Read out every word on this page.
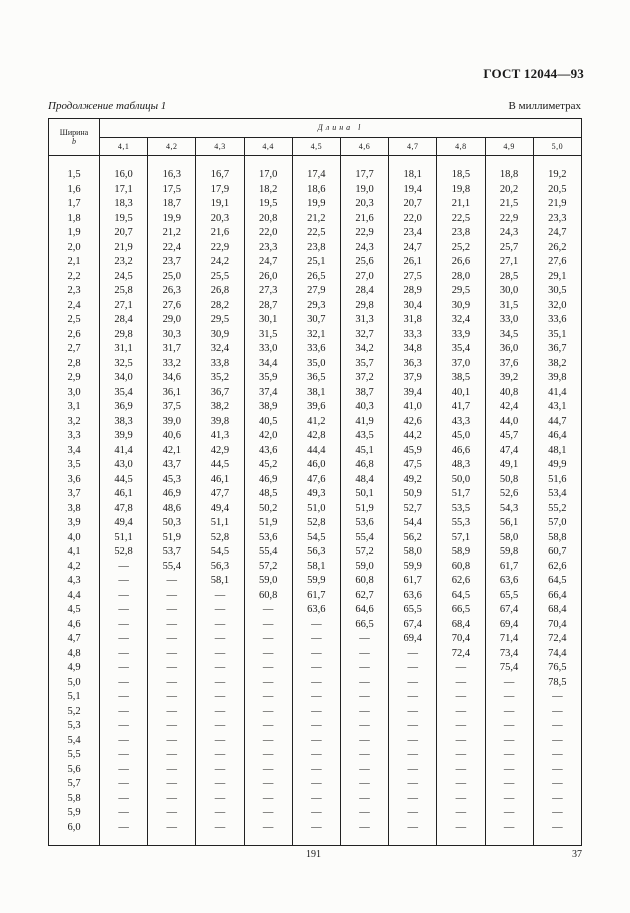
ГОСТ 12044—93
Продолжение таблицы 1	В миллиметрах
Ширина
b	Длина l									
	4,1	4,2	4,3	4,4	4,5	4,6	4,7	4,8	4,9	5,0

1,5	16,0	16,3	16,7	17,0	17,4	17,7	18,1	18,5	18,8	19,2
1,6	17,1	17,5	17,9	18,2	18,6	19,0	19,4	19,8	20,2	20,5
1,7	18,3	18,7	19,1	19,5	19,9	20,3	20,7	21,1	21,5	21,9
1,8	19,5	19,9	20,3	20,8	21,2	21,6	22,0	22,5	22,9	23,3
1,9	20,7	21,2	21,6	22,0	22,5	22,9	23,4	23,8	24,3	24,7
2,0	21,9	22,4	22,9	23,3	23,8	24,3	24,7	25,2	25,7	26,2
2,1	23,2	23,7	24,2	24,7	25,1	25,6	26,1	26,6	27,1	27,6
2,2	24,5	25,0	25,5	26,0	26,5	27,0	27,5	28,0	28,5	29,1
2,3	25,8	26,3	26,8	27,3	27,9	28,4	28,9	29,5	30,0	30,5
2,4	27,1	27,6	28,2	28,7	29,3	29,8	30,4	30,9	31,5	32,0
2,5	28,4	29,0	29,5	30,1	30,7	31,3	31,8	32,4	33,0	33,6
2,6	29,8	30,3	30,9	31,5	32,1	32,7	33,3	33,9	34,5	35,1
2,7	31,1	31,7	32,4	33,0	33,6	34,2	34,8	35,4	36,0	36,7
2,8	32,5	33,2	33,8	34,4	35,0	35,7	36,3	37,0	37,6	38,2
2,9	34,0	34,6	35,2	35,9	36,5	37,2	37,9	38,5	39,2	39,8
3,0	35,4	36,1	36,7	37,4	38,1	38,7	39,4	40,1	40,8	41,4
3,1	36,9	37,5	38,2	38,9	39,6	40,3	41,0	41,7	42,4	43,1
3,2	38,3	39,0	39,8	40,5	41,2	41,9	42,6	43,3	44,0	44,7
3,3	39,9	40,6	41,3	42,0	42,8	43,5	44,2	45,0	45,7	46,4
3,4	41,4	42,1	42,9	43,6	44,4	45,1	45,9	46,6	47,4	48,1
3,5	43,0	43,7	44,5	45,2	46,0	46,8	47,5	48,3	49,1	49,9
3,6	44,5	45,3	46,1	46,9	47,6	48,4	49,2	50,0	50,8	51,6
3,7	46,1	46,9	47,7	48,5	49,3	50,1	50,9	51,7	52,6	53,4
3,8	47,8	48,6	49,4	50,2	51,0	51,9	52,7	53,5	54,3	55,2
3,9	49,4	50,3	51,1	51,9	52,8	53,6	54,4	55,3	56,1	57,0
4,0	51,1	51,9	52,8	53,6	54,5	55,4	56,2	57,1	58,0	58,8
4,1	52,8	53,7	54,5	55,4	56,3	57,2	58,0	58,9	59,8	60,7
4,2	—	55,4	56,3	57,2	58,1	59,0	59,9	60,8	61,7	62,6
4,3	—	—	58,1	59,0	59,9	60,8	61,7	62,6	63,6	64,5
4,4	—	—	—	60,8	61,7	62,7	63,6	64,5	65,5	66,4
4,5	—	—	—	—	63,6	64,6	65,5	66,5	67,4	68,4
4,6	—	—	—	—	—	66,5	67,4	68,4	69,4	70,4
4,7	—	—	—	—	—	—	69,4	70,4	71,4	72,4
4,8	—	—	—	—	—	—	—	72,4	73,4	74,4
4,9	—	—	—	—	—	—	—	—	75,4	76,5
5,0	—	—	—	—	—	—	—	—	—	78,5
5,1	—	—	—	—	—	—	—	—	—	—
5,2	—	—	—	—	—	—	—	—	—	—
5,3	—	—	—	—	—	—	—	—	—	—
5,4	—	—	—	—	—	—	—	—	—	—
5,5	—	—	—	—	—	—	—	—	—	—
5,6	—	—	—	—	—	—	—	—	—	—
5,7	—	—	—	—	—	—	—	—	—	—
5,8	—	—	—	—	—	—	—	—	—	—
5,9	—	—	—	—	—	—	—	—	—	—
6,0	—	—	—	—	—	—	—	—	—	—
191	37
